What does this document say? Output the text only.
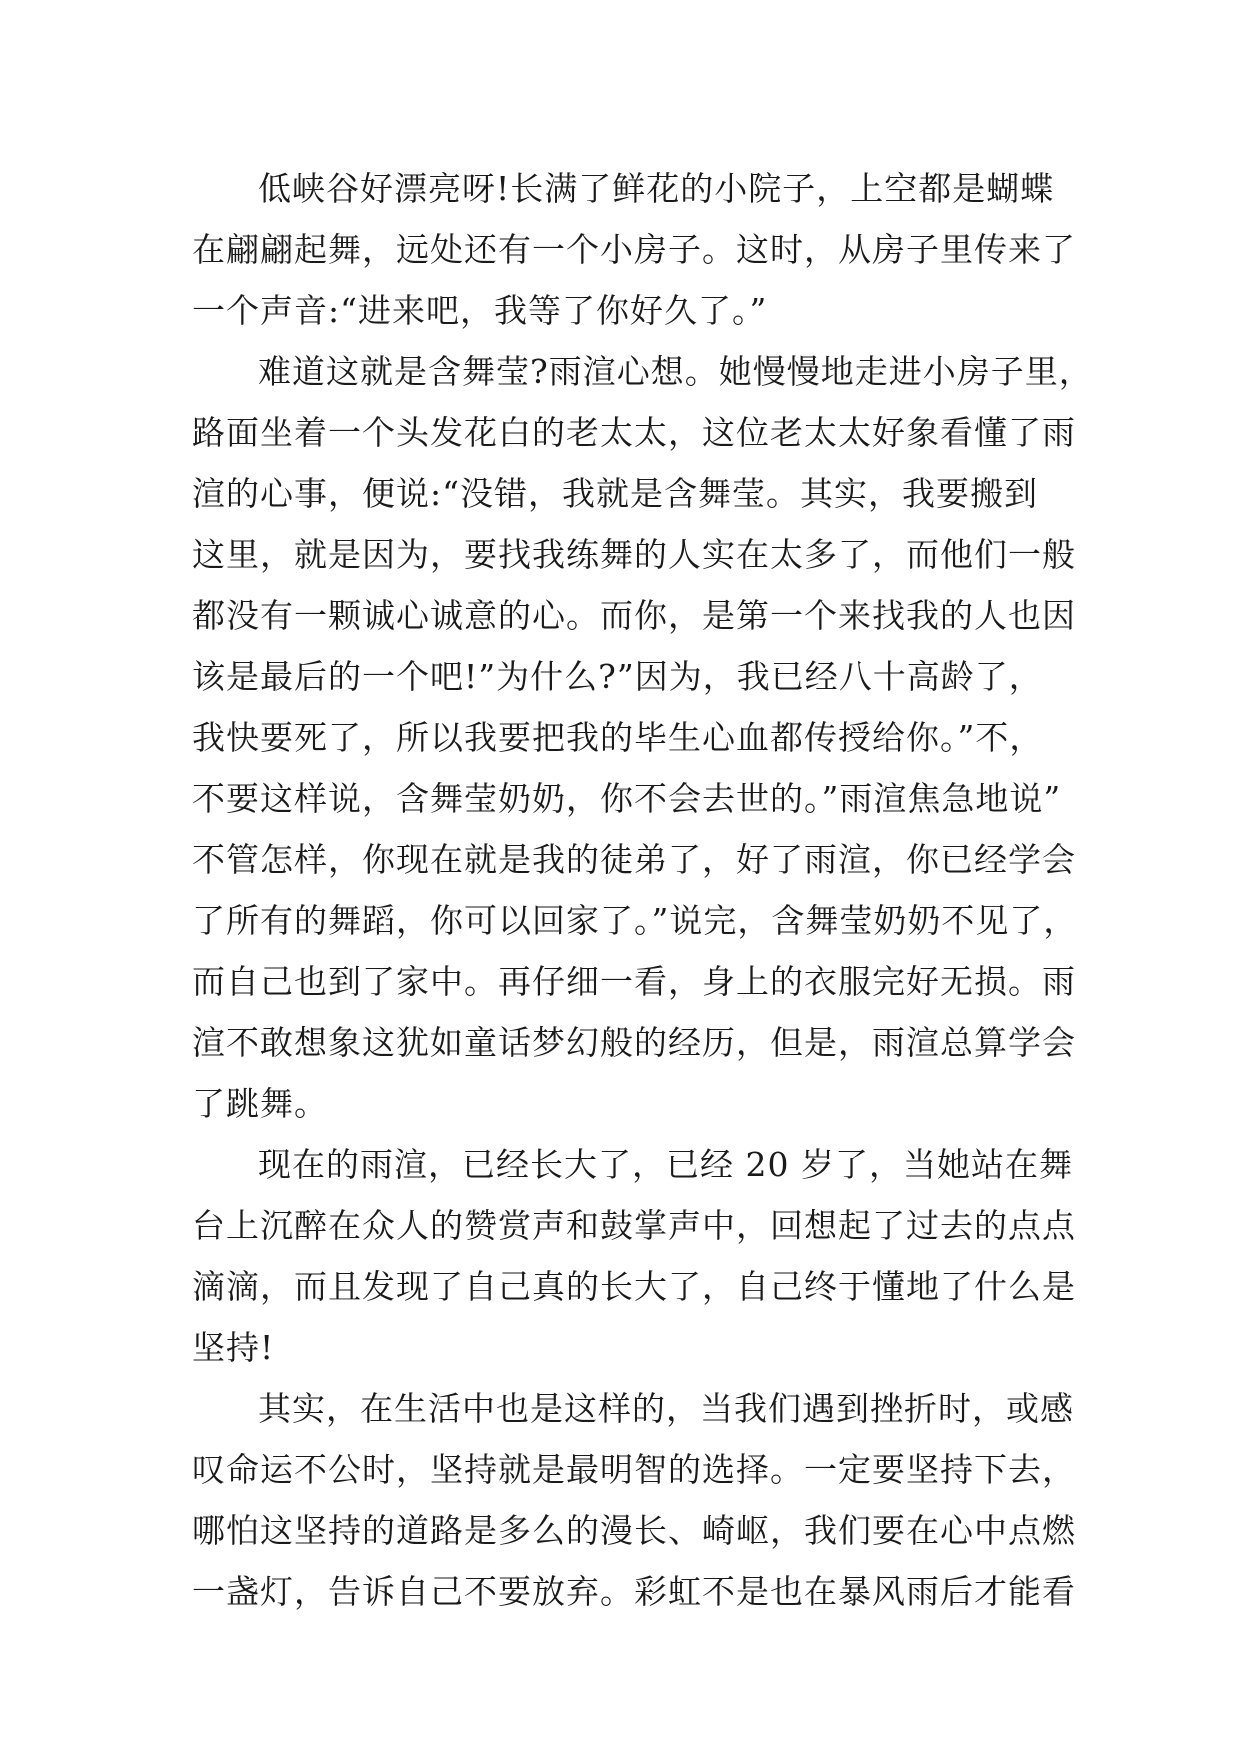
低峡谷好漂亮呀!长满了鲜花的小院子，上空都是蝴蝶
在翩翩起舞，远处还有一个小房子。这时，从房子里传来了
一个声音:“进来吧，我等了你好久了。”
难道这就是含舞莹?雨渲心想。她慢慢地走进小房子里，
路面坐着一个头发花白的老太太，这位老太太好象看懂了雨
渲的心事，便说:“没错，我就是含舞莹。其实，我要搬到
这里，就是因为，要找我练舞的人实在太多了，而他们一般
都没有一颗诚心诚意的心。而你，是第一个来找我的人也因
该是最后的一个吧!”为什么?”因为，我已经八十高龄了，
我快要死了，所以我要把我的毕生心血都传授给你。”不，
不要这样说，含舞莹奶奶，你不会去世的。”雨渲焦急地说”
不管怎样，你现在就是我的徒弟了，好了雨渲，你已经学会
了所有的舞蹈，你可以回家了。”说完，含舞莹奶奶不见了，
而自己也到了家中。再仔细一看，身上的衣服完好无损。雨
渲不敢想象这犹如童话梦幻般的经历，但是，雨渲总算学会
了跳舞。
现在的雨渲，已经长大了，已经 20 岁了，当她站在舞
台上沉醉在众人的赞赏声和鼓掌声中，回想起了过去的点点
滴滴，而且发现了自己真的长大了，自己终于懂地了什么是
坚持!
其实，在生活中也是这样的，当我们遇到挫折时，或感
叹命运不公时，坚持就是最明智的选择。一定要坚持下去，
哪怕这坚持的道路是多么的漫长、崎岖，我们要在心中点燃
一盏灯，告诉自己不要放弃。彩虹不是也在暴风雨后才能看
